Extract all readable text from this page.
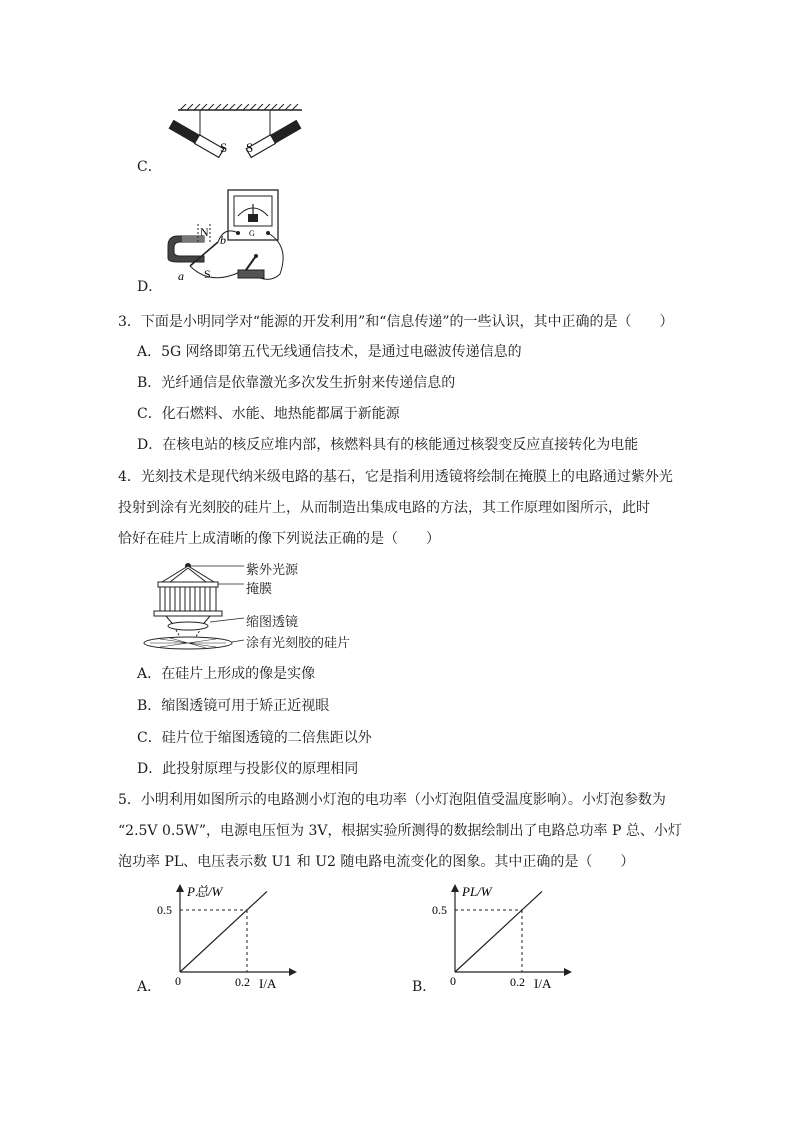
C．
S S
D．
G
N
S
a
b
3．下面是小明同学对“能源的开发利用”和“信息传递”的一些认识，其中正确的是（　　）
A．5G 网络即第五代无线通信技术，是通过电磁波传递信息的
B．光纤通信是依靠激光多次发生折射来传递信息的
C．化石燃料、水能、地热能都属于新能源
D．在核电站的核反应堆内部，核燃料具有的核能通过核裂变反应直接转化为电能
4．光刻技术是现代纳米级电路的基石，它是指利用透镜将绘制在掩膜上的电路通过紫外光
投射到涂有光刻胶的硅片上，从而制造出集成电路的方法，其工作原理如图所示，此时
恰好在硅片上成清晰的像下列说法正确的是（　　）
紫外光源
掩膜
缩图透镜
涂有光刻胶的硅片
A．在硅片上形成的像是实像
B．缩图透镜可用于矫正近视眼
C．硅片位于缩图透镜的二倍焦距以外
D．此投射原理与投影仪的原理相同
5．小明利用如图所示的电路测小灯泡的电功率（小灯泡阻值受温度影响）。小灯泡参数为
“2.5V 0.5W”，电源电压恒为 3V，根据实验所测得的数据绘制出了电路总功率 P 总、小灯
泡功率 PL、电压表示数 U1 和 U2 随电路电流变化的图象。其中正确的是（　　）
A．
P总/W
I/A
0
0.5
0.2	B．
PL/W
I/A
0
0.5
0.2
